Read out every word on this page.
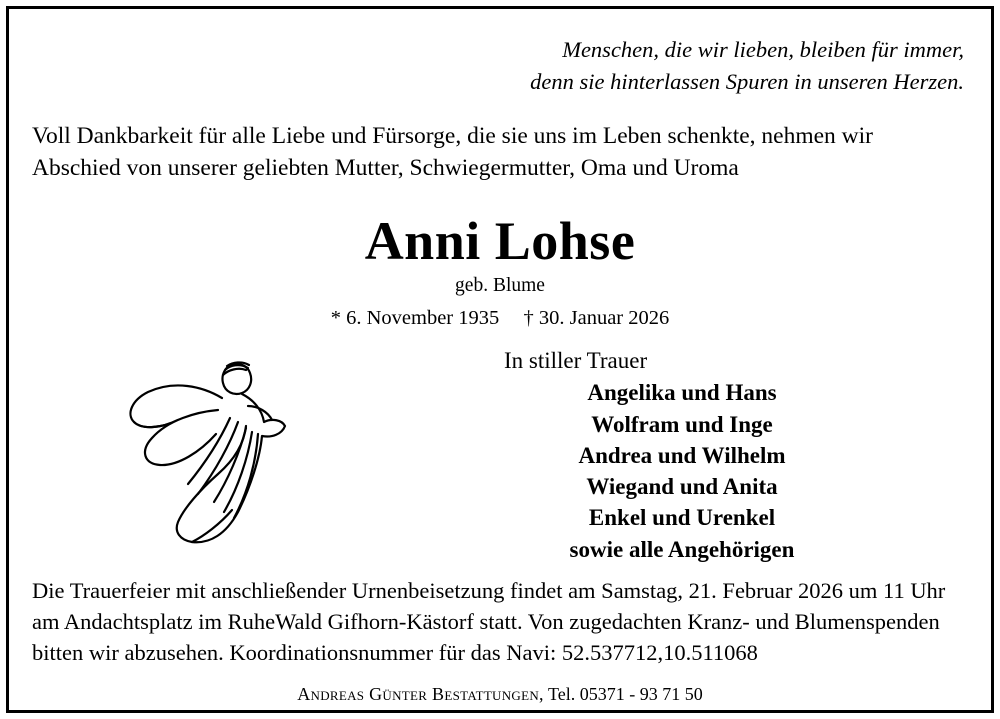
Menschen, die wir lieben, bleiben für immer,
denn sie hinterlassen Spuren in unseren Herzen.
Voll Dankbarkeit für alle Liebe und Fürsorge, die sie uns im Leben schenkte, nehmen wir
Abschied von unserer geliebten Mutter, Schwiegermutter, Oma und Uroma
Anni Lohse
geb. Blume
* 6. November 1935 † 30. Januar 2026
In stiller Trauer
Angelika und Hans
Wolfram und Inge
Andrea und Wilhelm
Wiegand und Anita
Enkel und Urenkel
sowie alle Angehörigen
Die Trauerfeier mit anschließender Urnenbeisetzung findet am Samstag, 21. Februar 2026 um 11 Uhr
am Andachtsplatz im RuheWald Gifhorn-Kästorf statt. Von zugedachten Kranz- und Blumenspenden
bitten wir abzusehen. Koordinationsnummer für das Navi: 52.537712,10.511068
Andreas Günter Bestattungen, Tel. 05371 - 93 71 50
